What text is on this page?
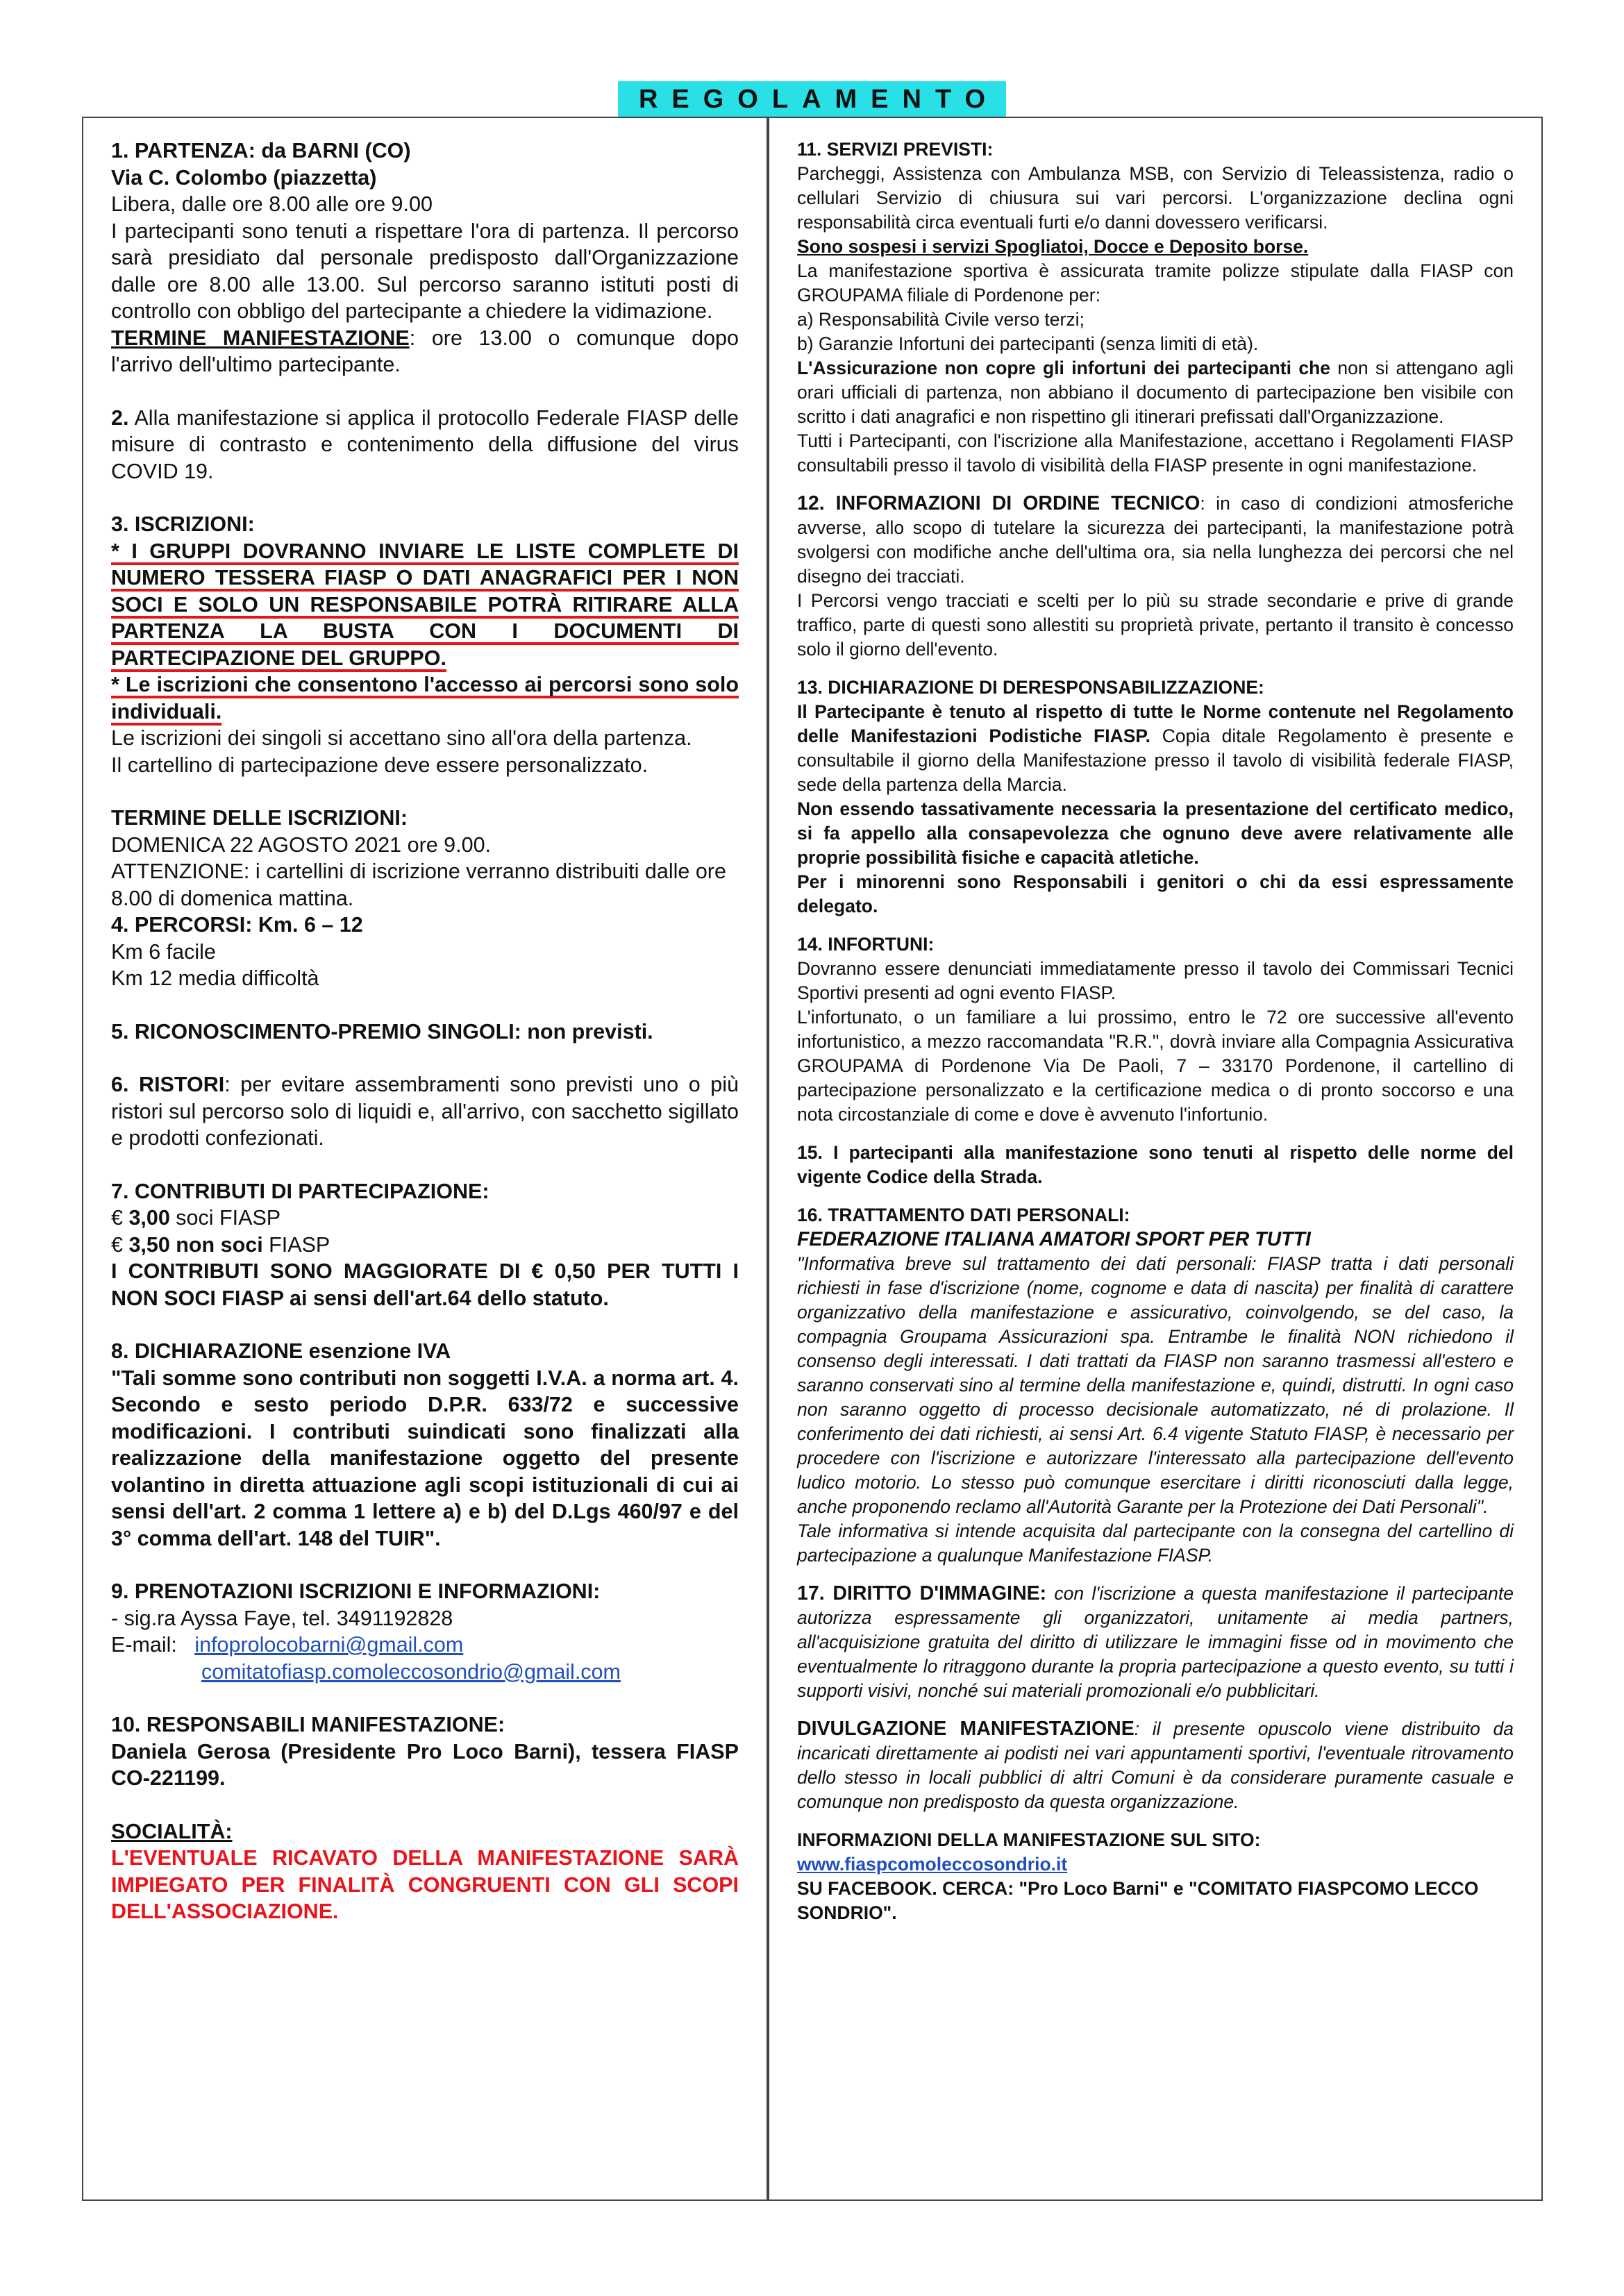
REGOLAMENTO

1. PARTENZA: da BARNI (CO)

Via C. Colombo (piazzetta)

Libera, dalle ore 8.00 alle ore 9.00

I partecipanti sono tenuti a rispettare l'ora di partenza. Il percorso sarà presidiato dal personale predisposto dall'Organizzazione dalle ore 8.00 alle 13.00. Sul percorso saranno istituti posti di controllo con obbligo del partecipante a chiedere la vidimazione.

TERMINE MANIFESTAZIONE: ore 13.00 o comunque dopo l'arrivo dell'ultimo partecipante.

2. Alla manifestazione si applica il protocollo Federale FIASP delle misure di contrasto e contenimento della diffusione del virus COVID 19.

3. ISCRIZIONI:

* I GRUPPI DOVRANNO INVIARE LE LISTE COMPLETE DI NUMERO TESSERA FIASP O DATI ANAGRAFICI PER I NON SOCI E SOLO UN RESPONSABILE POTRÀ RITIRARE ALLA PARTENZA LA BUSTA CON I DOCUMENTI DI PARTECIPAZIONE DEL GRUPPO.

* Le iscrizioni che consentono l'accesso ai percorsi sono solo individuali.

Le iscrizioni dei singoli si accettano sino all'ora della partenza.

Il cartellino di partecipazione deve essere personalizzato.

TERMINE DELLE ISCRIZIONI:

DOMENICA 22 AGOSTO 2021 ore 9.00.

ATTENZIONE: i cartellini di iscrizione verranno distribuiti dalle ore 8.00 di domenica mattina.

4. PERCORSI: Km. 6 – 12

Km 6 facile

Km 12 media difficoltà

5. RICONOSCIMENTO-PREMIO SINGOLI: non previsti.

6. RISTORI: per evitare assembramenti sono previsti uno o più ristori sul percorso solo di liquidi e, all'arrivo, con sacchetto sigillato e prodotti confezionati.

7. CONTRIBUTI DI PARTECIPAZIONE:

€ 3,00 soci FIASP

€ 3,50 non soci FIASP

I CONTRIBUTI SONO MAGGIORATE DI € 0,50 PER TUTTI I NON SOCI FIASP ai sensi dell'art.64 dello statuto.

8. DICHIARAZIONE esenzione IVA

"Tali somme sono contributi non soggetti I.V.A. a norma art. 4. Secondo e sesto periodo D.P.R. 633/72 e successive modificazioni. I contributi suindicati sono finalizzati alla realizzazione della manifestazione oggetto del presente volantino in diretta attuazione agli scopi istituzionali di cui ai sensi dell'art. 2 comma 1 lettere a) e b) del D.Lgs 460/97 e del 3° comma dell'art. 148 del TUIR".

9. PRENOTAZIONI ISCRIZIONI E INFORMAZIONI:

- sig.ra Ayssa Faye, tel. 3491192828

E-mail:   infoprolocobarni@gmail.com

comitatofiasp.comoleccosondrio@gmail.com

10. RESPONSABILI MANIFESTAZIONE:

Daniela Gerosa (Presidente Pro Loco Barni), tessera FIASP CO-221199.

SOCIALITÀ:

L'EVENTUALE RICAVATO DELLA MANIFESTAZIONE SARÀ IMPIEGATO PER FINALITÀ CONGRUENTI CON GLI SCOPI DELL'ASSOCIAZIONE.

11. SERVIZI PREVISTI:

Parcheggi, Assistenza con Ambulanza MSB, con Servizio di Teleassistenza, radio o cellulari Servizio di chiusura sui vari percorsi. L'organizzazione declina ogni responsabilità circa eventuali furti e/o danni dovessero verificarsi.

Sono sospesi i servizi Spogliatoi, Docce e Deposito borse.

La manifestazione sportiva è assicurata tramite polizze stipulate dalla FIASP con GROUPAMA filiale di Pordenone per:

a) Responsabilità Civile verso terzi;

b) Garanzie Infortuni dei partecipanti (senza limiti di età).

L'Assicurazione non copre gli infortuni dei partecipanti che non si attengano agli orari ufficiali di partenza, non abbiano il documento di partecipazione ben visibile con scritto i dati anagrafici e non rispettino gli itinerari prefissati dall'Organizzazione.

Tutti i Partecipanti, con l'iscrizione alla Manifestazione, accettano i Regolamenti FIASP consultabili presso il tavolo di visibilità della FIASP presente in ogni manifestazione.

12. INFORMAZIONI DI ORDINE TECNICO: in caso di condizioni atmosferiche avverse, allo scopo di tutelare la sicurezza dei partecipanti, la manifestazione potrà svolgersi con modifiche anche dell'ultima ora, sia nella lunghezza dei percorsi che nel disegno dei tracciati.

I Percorsi vengo tracciati e scelti per lo più su strade secondarie e prive di grande traffico, parte di questi sono allestiti su proprietà private, pertanto il transito è concesso solo il giorno dell'evento.

13. DICHIARAZIONE DI DERESPONSABILIZZAZIONE:

Il Partecipante è tenuto al rispetto di tutte le Norme contenute nel Regolamento delle Manifestazioni Podistiche FIASP. Copia ditale Regolamento è presente e consultabile il giorno della Manifestazione presso il tavolo di visibilità federale FIASP, sede della partenza della Marcia.

Non essendo tassativamente necessaria la presentazione del certificato medico, si fa appello alla consapevolezza che ognuno deve avere relativamente alle proprie possibilità fisiche e capacità atletiche.

Per i minorenni sono Responsabili i genitori o chi da essi espressamente delegato.

14. INFORTUNI:

Dovranno essere denunciati immediatamente presso il tavolo dei Commissari Tecnici Sportivi presenti ad ogni evento FIASP.

L'infortunato, o un familiare a lui prossimo, entro le 72 ore successive all'evento infortunistico, a mezzo raccomandata "R.R.", dovrà inviare alla Compagnia Assicurativa GROUPAMA di Pordenone Via De Paoli, 7 – 33170 Pordenone, il cartellino di partecipazione personalizzato e la certificazione medica o di pronto soccorso e una nota circostanziale di come e dove è avvenuto l'infortunio.

15. I partecipanti alla manifestazione sono tenuti al rispetto delle norme del vigente Codice della Strada.

16. TRATTAMENTO DATI PERSONALI:

FEDERAZIONE ITALIANA AMATORI SPORT PER TUTTI

"Informativa breve sul trattamento dei dati personali: FIASP tratta i dati personali richiesti in fase d'iscrizione (nome, cognome e data di nascita) per finalità di carattere organizzativo della manifestazione e assicurativo, coinvolgendo, se del caso, la compagnia Groupama Assicurazioni spa. Entrambe le finalità NON richiedono il consenso degli interessati. I dati trattati da FIASP non saranno trasmessi all'estero e saranno conservati sino al termine della manifestazione e, quindi, distrutti. In ogni caso non saranno oggetto di processo decisionale automatizzato, né di prolazione. Il conferimento dei dati richiesti, ai sensi Art. 6.4 vigente Statuto FIASP, è necessario per procedere con l'iscrizione e autorizzare l'interessato alla partecipazione dell'evento ludico motorio. Lo stesso può comunque esercitare i diritti riconosciuti dalla legge, anche proponendo reclamo all'Autorità Garante per la Protezione dei Dati Personali".

Tale informativa si intende acquisita dal partecipante con la consegna del cartellino di partecipazione a qualunque Manifestazione FIASP.

17. DIRITTO D'IMMAGINE: con l'iscrizione a questa manifestazione il partecipante autorizza espressamente gli organizzatori, unitamente ai media partners, all'acquisizione gratuita del diritto di utilizzare le immagini fisse od in movimento che eventualmente lo ritraggono durante la propria partecipazione a questo evento, su tutti i supporti visivi, nonché sui materiali promozionali e/o pubblicitari.

DIVULGAZIONE MANIFESTAZIONE: il presente opuscolo viene distribuito da incaricati direttamente ai podisti nei vari appuntamenti sportivi, l'eventuale ritrovamento dello stesso in locali pubblici di altri Comuni è da considerare puramente casuale e comunque non predisposto da questa organizzazione.

INFORMAZIONI DELLA MANIFESTAZIONE SUL SITO:

www.fiaspcomoleccosondrio.it

SU FACEBOOK. CERCA: "Pro Loco Barni" e "COMITATO FIASPCOMO LECCO SONDRIO".
